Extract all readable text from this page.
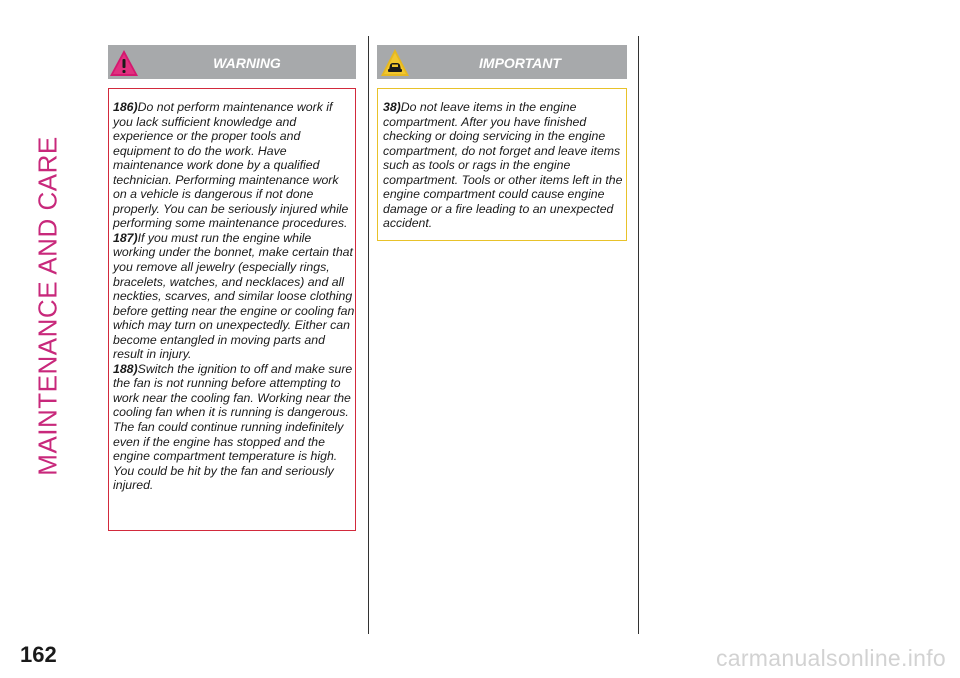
MAINTENANCE AND CARE
WARNING

186)Do not perform maintenance work if you lack sufficient knowledge and experience or the proper tools and equipment to do the work. Have maintenance work done by a qualified technician. Performing maintenance work on a vehicle is dangerous if not done properly. You can be seriously injured while performing some maintenance procedures.

187)If you must run the engine while working under the bonnet, make certain that you remove all jewelry (especially rings, bracelets, watches, and necklaces) and all neckties, scarves, and similar loose clothing before getting near the engine or cooling fan which may turn on unexpectedly. Either can become entangled in moving parts and result in injury.

188)Switch the ignition to off and make sure the fan is not running before attempting to work near the cooling fan. Working near the cooling fan when it is running is dangerous. The fan could continue running indefinitely even if the engine has stopped and the engine compartment temperature is high. You could be hit by the fan and seriously injured.

IMPORTANT

38)Do not leave items in the engine compartment. After you have finished checking or doing servicing in the engine compartment, do not forget and leave items such as tools or rags in the engine compartment. Tools or other items left in the engine compartment could cause engine damage or a fire leading to an unexpected accident.

162	carmanualsonline.info
